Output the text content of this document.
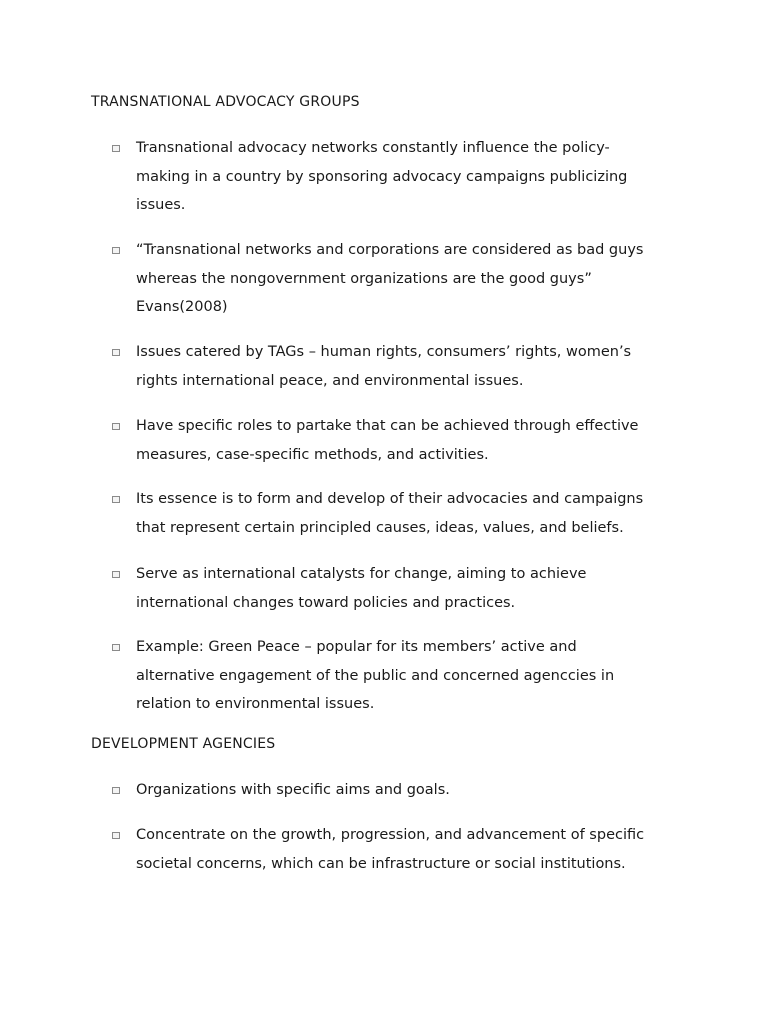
TRANSNATIONAL ADVOCACY GROUPS
Transnational advocacy networks constantly influence the policy-
making in a country by sponsoring advocacy campaigns publicizing
issues.
“Transnational networks and corporations are considered as bad guys
whereas the nongovernment organizations are the good guys”
Evans(2008)
Issues catered by TAGs – human rights, consumers’ rights, women’s
rights international peace, and environmental issues.
Have specific roles to partake that can be achieved through effective
measures, case-specific methods, and activities.
Its essence is to form and develop of their advocacies and campaigns
that represent certain principled causes, ideas, values, and beliefs.
Serve as international catalysts for change, aiming to achieve
international changes toward policies and practices.
Example: Green Peace – popular for its members’ active and
alternative engagement of the public and concerned agenccies in
relation to environmental issues.
DEVELOPMENT AGENCIES
Organizations with specific aims and goals.
Concentrate on the growth, progression, and advancement of specific
societal concerns, which can be infrastructure or social institutions.
